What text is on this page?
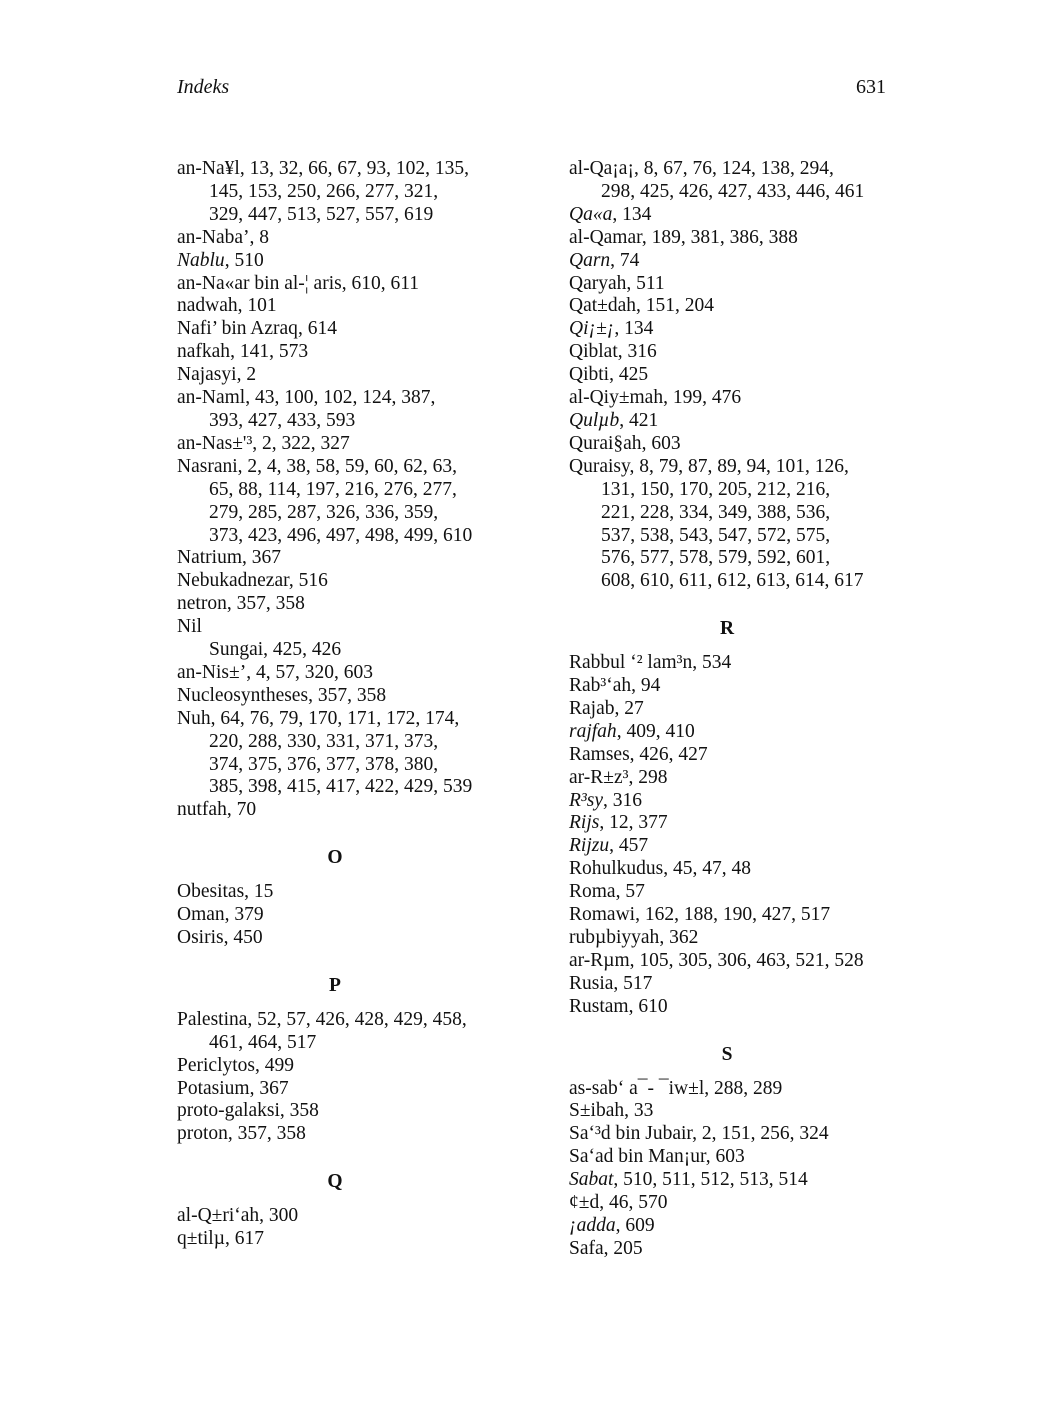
Indeks	631
an-Na¥l, 13, 32, 66, 67, 93, 102, 135,
145, 153, 250, 266, 277, 321,
329, 447, 513, 527, 557, 619
an-Naba’, 8
Nablu, 510
an-Na«ar bin al-¦ aris, 610, 611
nadwah, 101
Nafi’ bin Azraq, 614
nafkah, 141, 573
Najasyi, 2
an-Naml, 43, 100, 102, 124, 387,
393, 427, 433, 593
an-Nas±'³, 2, 322, 327
Nasrani, 2, 4, 38, 58, 59, 60, 62, 63,
65, 88, 114, 197, 216, 276, 277,
279, 285, 287, 326, 336, 359,
373, 423, 496, 497, 498, 499, 610
Natrium, 367
Nebukadnezar, 516
netron, 357, 358
Nil
Sungai, 425, 426
an-Nis±’, 4, 57, 320, 603
Nucleosyntheses, 357, 358
Nuh, 64, 76, 79, 170, 171, 172, 174,
220, 288, 330, 331, 371, 373,
374, 375, 376, 377, 378, 380,
385, 398, 415, 417, 422, 429, 539
nutfah, 70
O
Obesitas, 15
Oman, 379
Osiris, 450
P
Palestina, 52, 57, 426, 428, 429, 458,
461, 464, 517
Periclytos, 499
Potasium, 367
proto-galaksi, 358
proton, 357, 358
Q
al-Q±ri‘ah, 300
q±tilµ, 617
al-Qa¡a¡, 8, 67, 76, 124, 138, 294,
298, 425, 426, 427, 433, 446, 461
Qa«a, 134
al-Qamar, 189, 381, 386, 388
Qarn, 74
Qaryah, 511
Qat±dah, 151, 204
Qi¡±¡, 134
Qiblat, 316
Qibti, 425
al-Qiy±mah, 199, 476
Qulµb, 421
Qurai§ah, 603
Quraisy, 8, 79, 87, 89, 94, 101, 126,
131, 150, 170, 205, 212, 216,
221, 228, 334, 349, 388, 536,
537, 538, 543, 547, 572, 575,
576, 577, 578, 579, 592, 601,
608, 610, 611, 612, 613, 614, 617
R
Rabbul ‘² lam³n, 534
Rab³‘ah, 94
Rajab, 27
rajfah, 409, 410
Ramses, 426, 427
ar-R±z³, 298
R³sy, 316
Rijs, 12, 377
Rijzu, 457
Rohulkudus, 45, 47, 48
Roma, 57
Romawi, 162, 188, 190, 427, 517
rubµbiyyah, 362
ar-Rµm, 105, 305, 306, 463, 521, 528
Rusia, 517
Rustam, 610
S
as-sab‘ a¯- ¯iw±l, 288, 289
S±ibah, 33
Sa‘³d bin Jubair, 2, 151, 256, 324
Sa‘ad bin Man¡ur, 603
Sabat, 510, 511, 512, 513, 514
¢±d, 46, 570
¡adda, 609
Safa, 205
